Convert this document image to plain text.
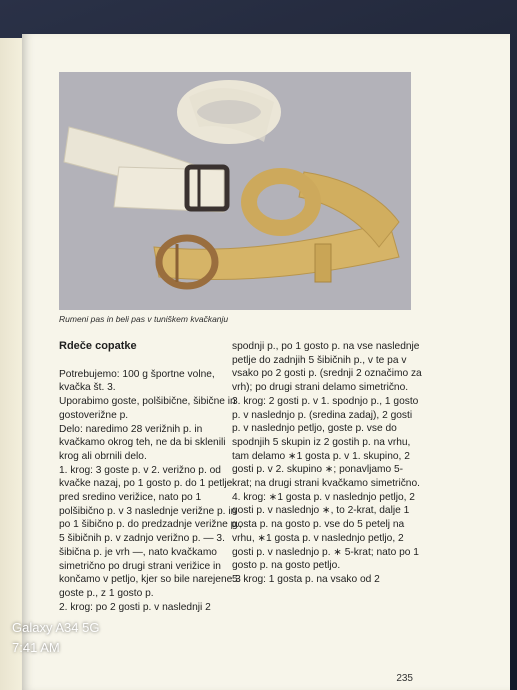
Rumeni pas in beli pas v tuniškem kvačkanju
Rdeče copatke

Potrebujemo: 100 g športne volne, kvačka št. 3.

Uporabimo goste, polšibične, šibične in gostoverižne p.

Delo: naredimo 28 verižnih p. in kvačkamo okrog teh, ne da bi sklenili krog ali obrnili delo.

1. krog: 3 goste p. v 2. verižno p. od kvačke nazaj, po 1 gosto p. do 1 petlje pred sredino verižice, nato po 1 polšibično p. v 3 naslednje verižne p. in po 1 šibično p. do predzadnje verižne p., 5 šibičnih p. v zadnjo verižno p. — 3. šibična p. je vrh —, nato kvačkamo simetrično po drugi strani verižice in končamo v petljo, kjer so bile narejene 3 goste p., z 1 gosto p.

2. krog: po 2 gosti p. v naslednji 2

spodnji p., po 1 gosto p. na vse naslednje petlje do zadnjih 5 šibičnih p., v te pa v vsako po 2 gosti p. (srednji 2 označimo za vrh); po drugi strani delamo simetrično.

3. krog: 2 gosti p. v 1. spodnjo p., 1 gosto p. v naslednjo p. (sredina zadaj), 2 gosti p. v naslednjo petljo, goste p. vse do spodnjih 5 skupin iz 2 gostih p. na vrhu, tam delamo ∗1 gosta p. v 1. skupino, 2 gosti p. v 2. skupino ∗; ponavljamo 5-krat; na drugi strani kvačkamo simetrično.

4. krog: ∗1 gosta p. v naslednjo petljo, 2 gosti p. v naslednjo ∗, to 2-krat, dalje 1 gosta p. na gosto p. vse do 5 petelj na vrhu, ∗1 gosta p. v naslednjo petljo, 2 gosti p. v naslednjo p. ∗ 5-krat; nato po 1 gosto p. na gosto petljo.

5. krog: 1 gosta p. na vsako od 2

235
Galaxy A34 5G
7:41 AM
